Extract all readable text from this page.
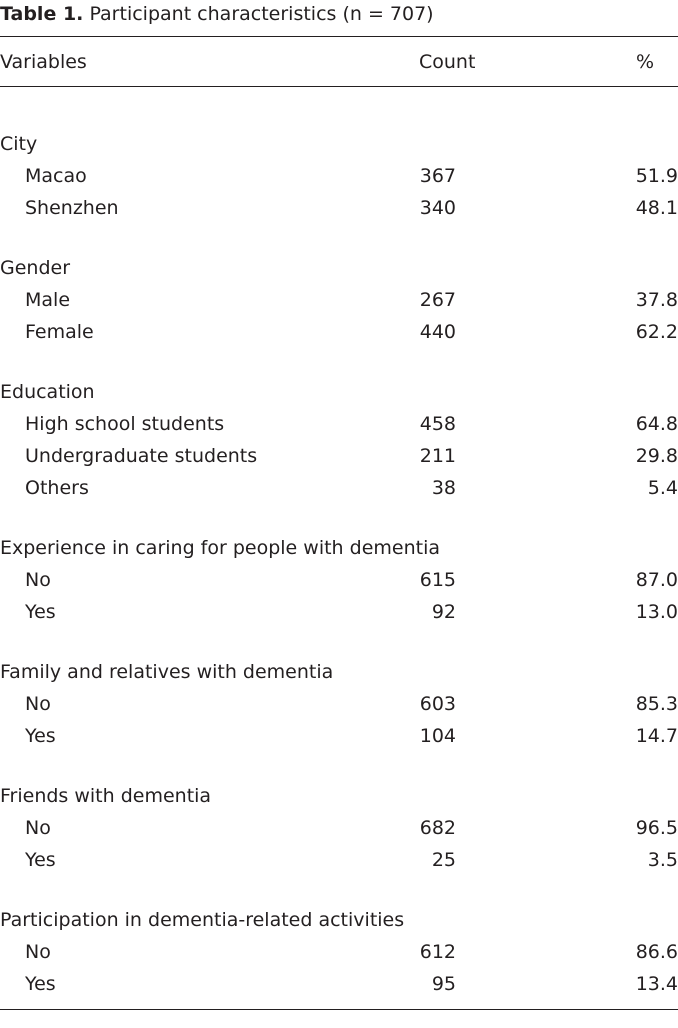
Table 1. Participant characteristics (n = 707)
Variables	Count	%
City
Macao	367	51.9
Shenzhen	340	48.1
Gender
Male	267	37.8
Female	440	62.2
Education
High school students	458	64.8
Undergraduate students	211	29.8
Others	38	5.4
Experience in caring for people with dementia
No	615	87.0
Yes	92	13.0
Family and relatives with dementia
No	603	85.3
Yes	104	14.7
Friends with dementia
No	682	96.5
Yes	25	3.5
Participation in dementia-related activities
No	612	86.6
Yes	95	13.4
